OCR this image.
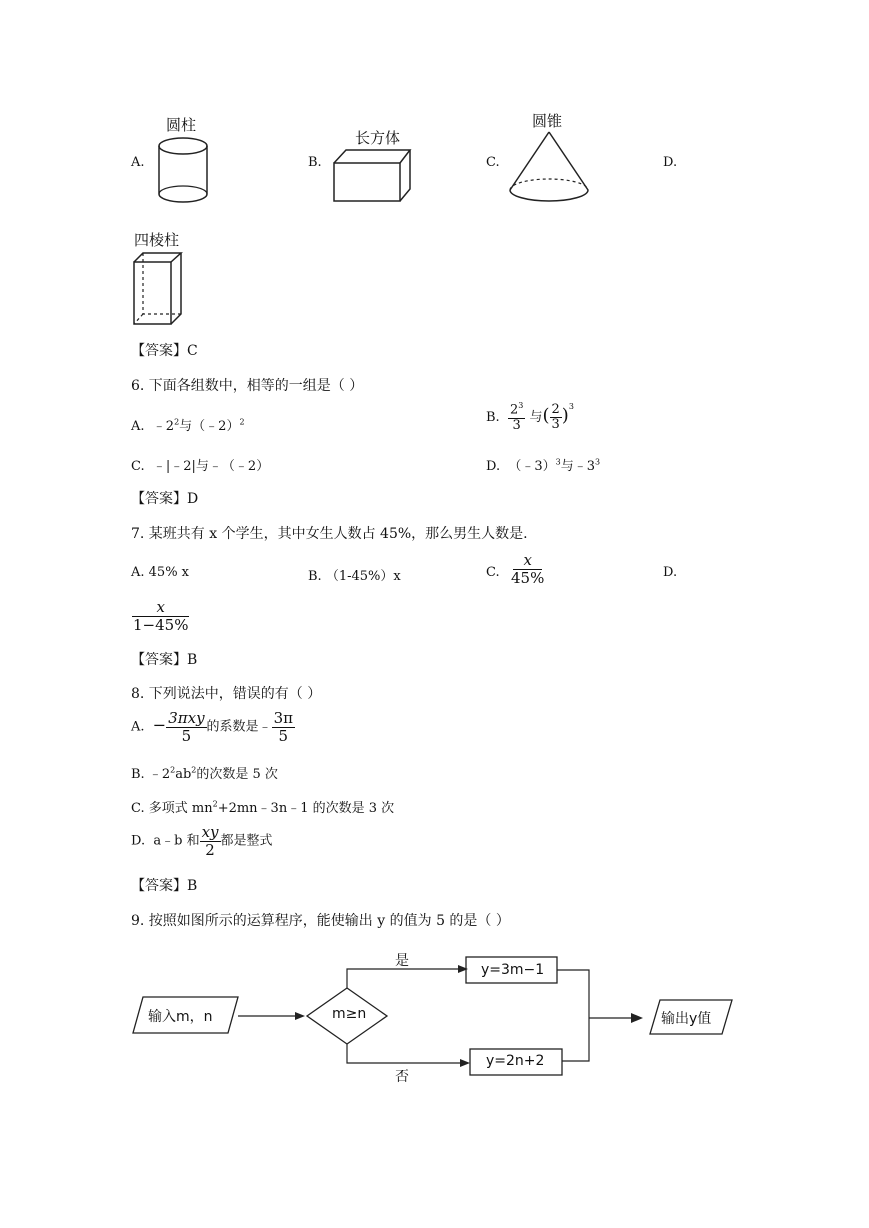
A.	B.	C.	D.
圆柱
长方体
圆锥
四棱柱
【答案】C
6. 下面各组数中，相等的一组是（ ）
A. $﹣2^2$与（﹣2）$^2$	B. $\frac{2^3}{3}$ 与( $\frac{2}{3} )^3$
C. ﹣|﹣2|与﹣（﹣2）	D. （﹣3）$^3$与$﹣3^3$
【答案】D
7. 某班共有 x 个学生，其中女生人数占 45%，那么男生人数是.
A. 45% x	B. （1-45%）x	C. $\frac{x}{45\%}$	D.
$\frac{x}{1-45\%}$
【答案】B
8. 下列说法中，错误的有（ ）
A. − $\frac{\text{3πxy}}{5}$ 的系数是﹣ $\frac{3\pi}{5}$
B. $﹣2^2ab^2$的次数是 5 次
C. 多项式 $mn^2+2mn﹣3n﹣1$ 的次数是 3 次
D. a﹣b 和 $\frac{xy}{2}$ 都是整式
【答案】B
9. 按照如图所示的运算程序，能使输出 y 的值为 5 的是（ ）
输入m，n	m≥n
是
否
y=3m−1
y=2n+2
输出y值
